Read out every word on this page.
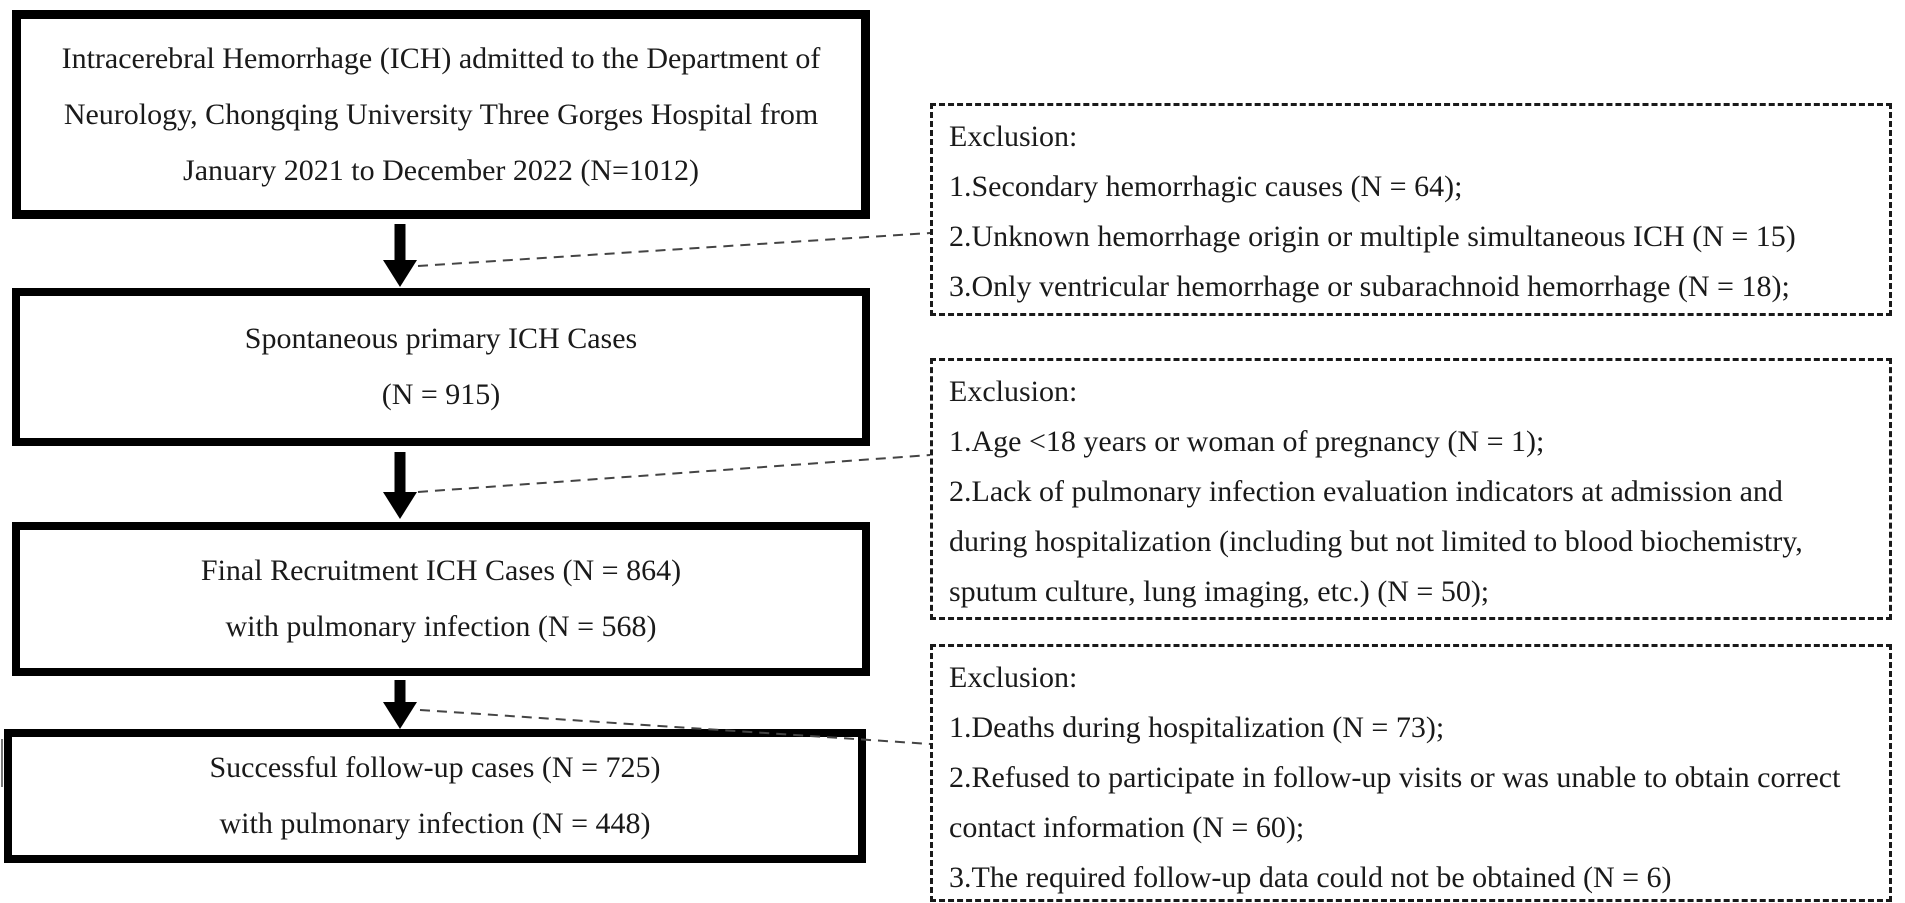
Intracerebral Hemorrhage (ICH) admitted to the Department of
Neurology, Chongqing University Three Gorges Hospital from
January 2021 to December 2022 (N=1012)
Spontaneous primary ICH Cases
(N = 915)
Final Recruitment ICH Cases (N = 864)
with pulmonary infection (N = 568)
Successful follow-up cases (N = 725)
with pulmonary infection (N = 448)
Exclusion:
1.Secondary hemorrhagic causes (N = 64);
2.Unknown hemorrhage origin or multiple simultaneous ICH (N = 15)
3.Only ventricular hemorrhage or subarachnoid hemorrhage (N = 18);
Exclusion:
1.Age <18 years or woman of pregnancy (N = 1);
2.Lack of pulmonary infection evaluation indicators at admission and during hospitalization (including but not limited to blood biochemistry, sputum culture, lung imaging, etc.) (N = 50);
Exclusion:
1.Deaths during hospitalization (N = 73);
2.Refused to participate in follow-up visits or was unable to obtain correct contact information (N = 60);
3.The required follow-up data could not be obtained (N = 6)
